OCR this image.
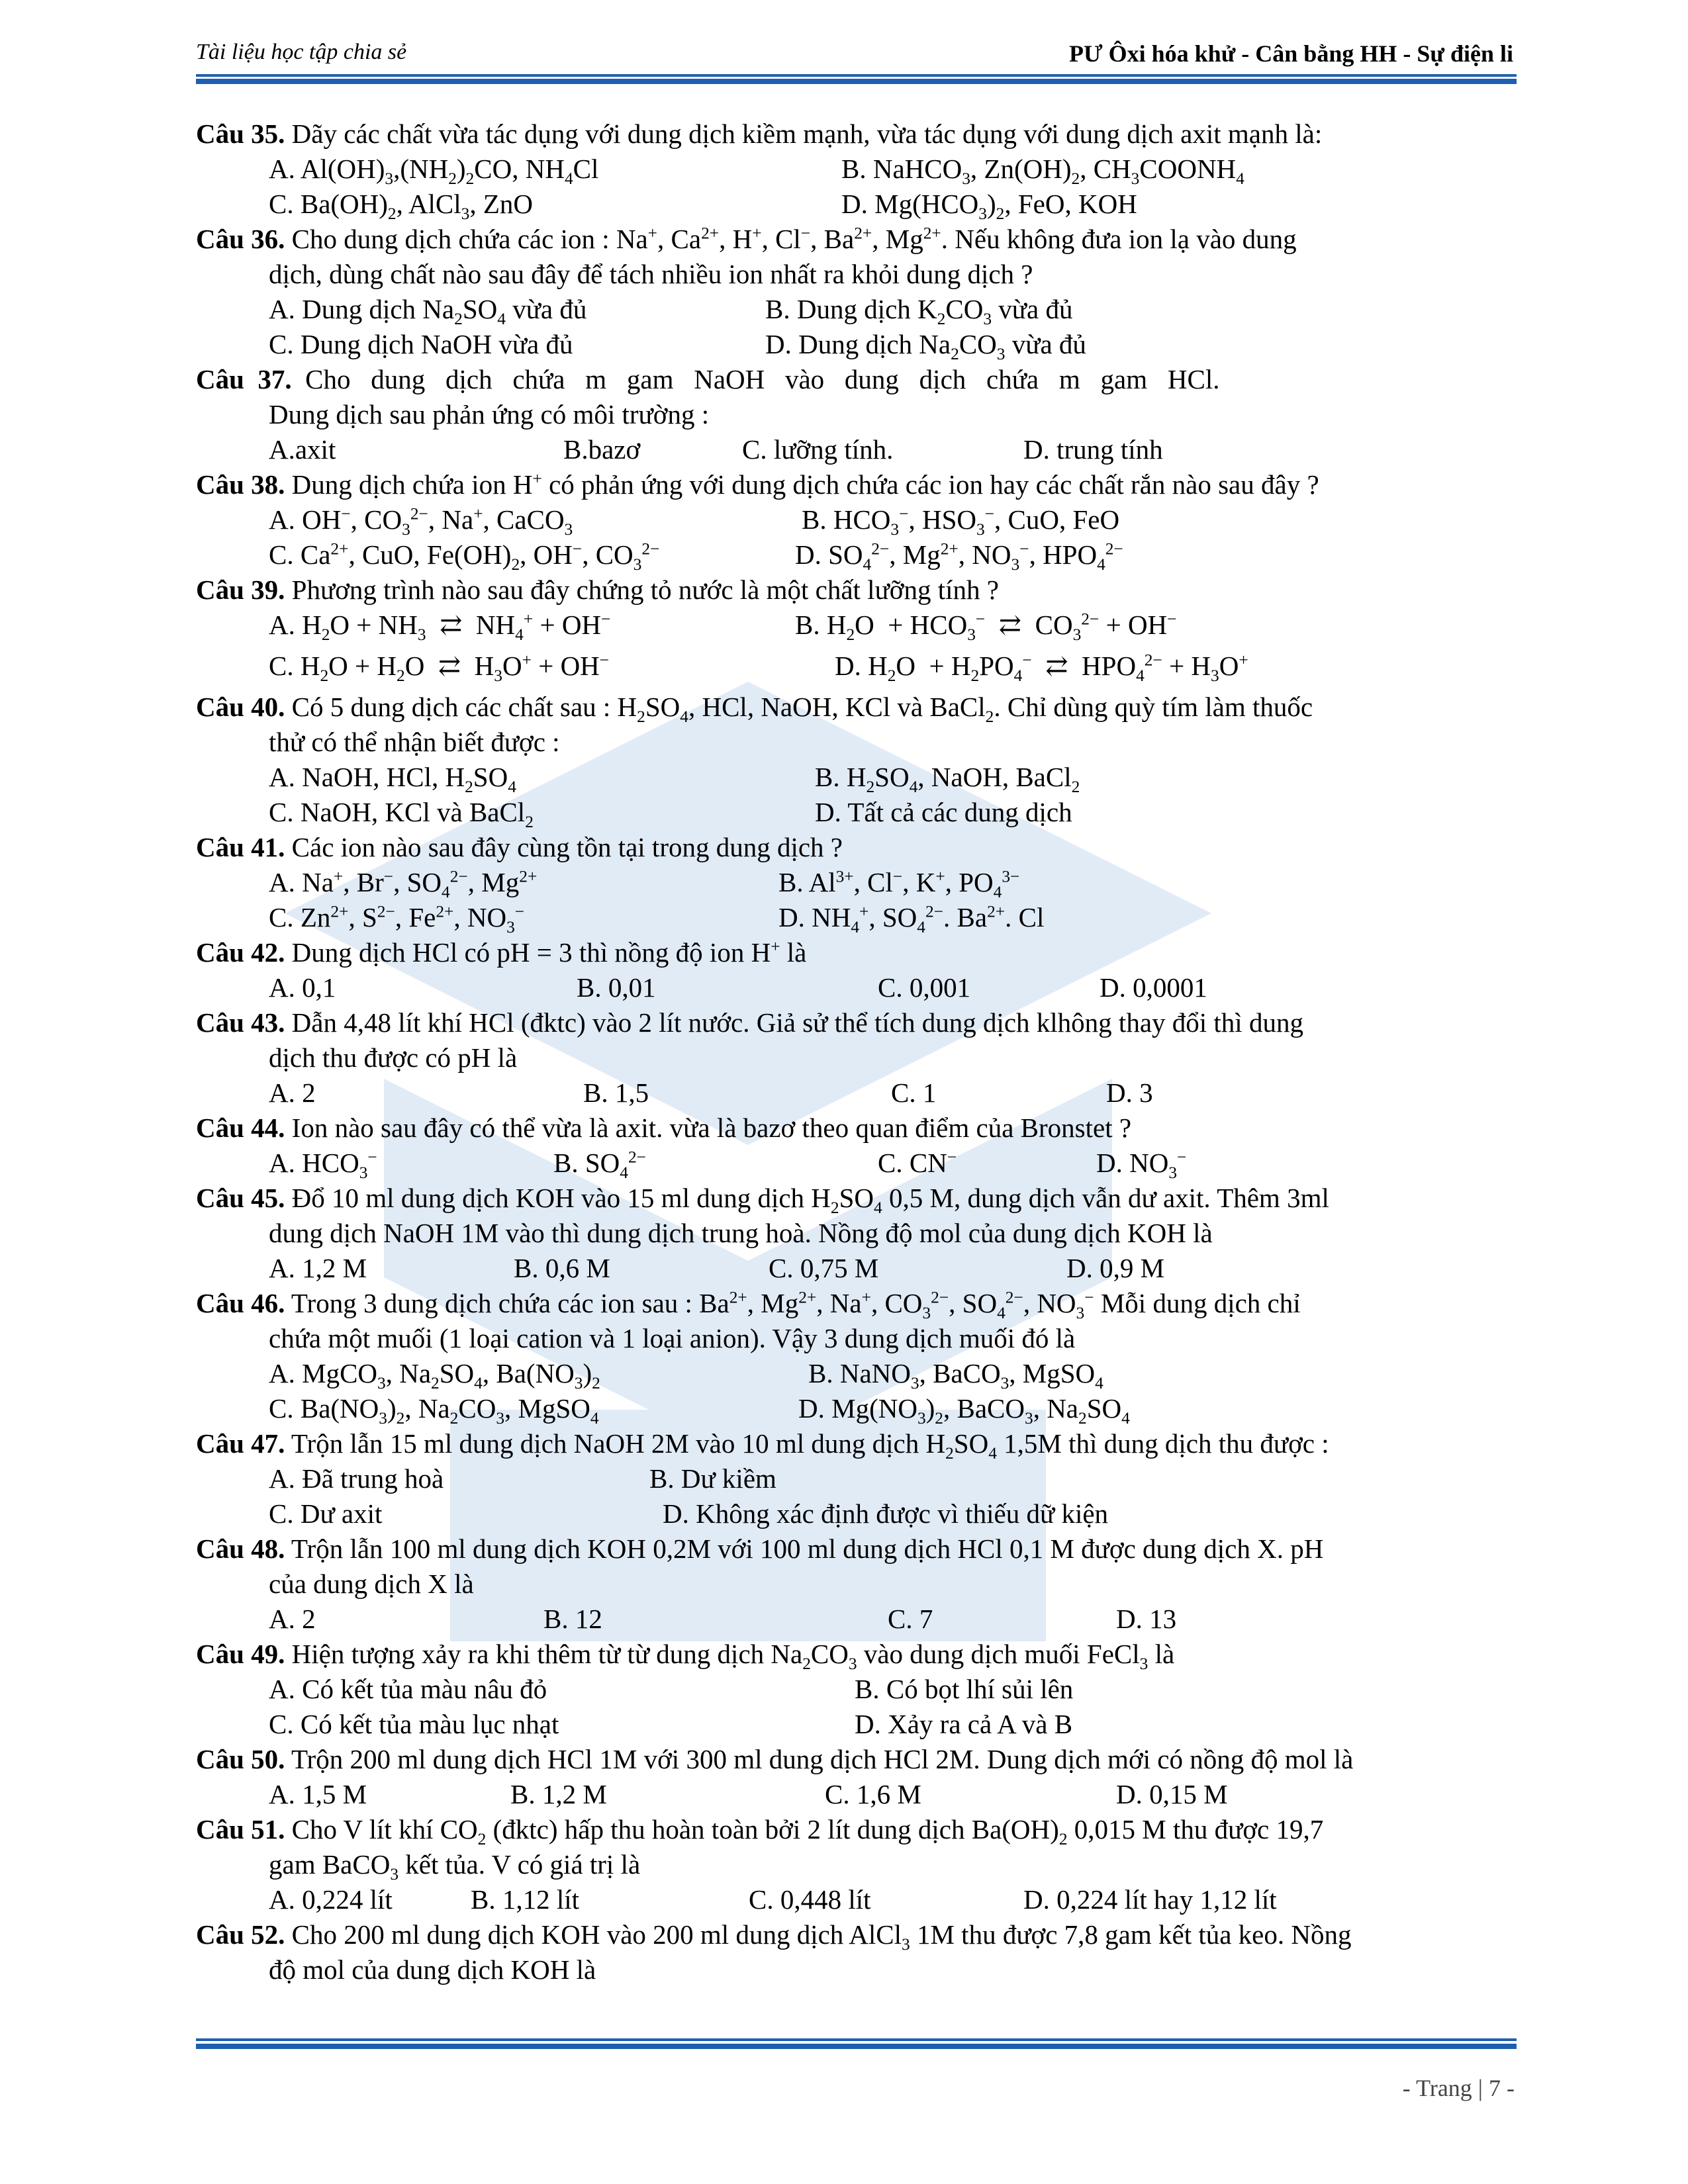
Tài liệu học tập chia sẻ	PƯ Ôxi hóa khử - Cân bằng HH - Sự điện li

Câu 35. Dãy các chất vừa tác dụng với dung dịch kiềm mạnh, vừa tác dụng với dung dịch axit mạnh là:

A. $Al(OH)_3,(NH_2)_2CO$, $NH_4Cl$	B. NaHCO$_3$, $Zn(OH)_2$, $CH_3COONH_4$
C. $Ba(OH)_2$, AlCl$_3$, ZnO	D. $Mg(HCO_3)_2$, FeO, KOH

Câu 36. Cho dung dịch chứa các ion : Na+, $Ca^{2+}$, H+, Cl−, $Ba^{2+}$, $Mg^{2+}$. Nếu không đưa ion lạ vào dung

dịch, dùng chất nào sau đây để tách nhiều ion nhất ra khỏi dung dịch ?

A. Dung dịch $Na_2SO_4$ vừa đủ	B. Dung dịch $K_2CO_3$ vừa đủ
C. Dung dịch NaOH vừa đủ	D. Dung dịch $Na_2CO_3$ vừa đủ

Câu  37.  Cho   dung   dịch   chứa   m   gam   NaOH   vào   dung   dịch   chứa   m   gam   HCl.

Dung dịch sau phản ứng có môi trường :

A.axit	B.bazơ	C. lưỡng tính.	D. trung tính

Câu 38. Dung dịch chứa ion H+ có phản ứng với dung dịch chứa các ion hay các chất rắn nào sau đây ?

A. OH−, $CO_3^{2-}$, Na+, CaCO$_3$	B. $HCO_3^-$, $HSO_3^-$, CuO, FeO
C. $Ca^{2+}$, CuO, $Fe(OH)_2$, OH−, $CO_3^{2-}$	D. $SO_4^{2-}$, $Mg^{2+}$, $NO_3^-$, $HPO_4^{2-}$

Câu 39. Phương trình nào sau đây chứng tỏ nước là một chất lưỡng tính ?

A. $H_2O + NH_3$  ⇄  $NH_4^+ + OH^-$	B. $H_2O + HCO_3^-$  ⇄  $CO_3^{2-} + OH^-$
C. $H_2O + H_2O$  ⇄  $H_3O^+ + OH^-$	D. $H_2O + H_2PO_4^-$  ⇄  $HPO_4^{2-} + H_3O^+$

Câu 40. Có 5 dung dịch các chất sau : $H_2SO_4$, HCl, NaOH, KCl và BaCl$_2$. Chỉ dùng quỳ tím làm thuốc

thử có thể nhận biết được :

A. NaOH, HCl, $H_2SO_4$	B. $H_2SO_4$, NaOH, BaCl$_2$
C. NaOH, KCl và BaCl$_2$	D. Tất cả các dung dịch

Câu 41. Các ion nào sau đây cùng tồn tại trong dung dịch ?

A. Na+, Br−, $SO_4^{2-}$, $Mg^{2+}$	B. $Al^{3+}$, Cl−, K+, $PO_4^{3-}$
C. $Zn^{2+}$, $S^{2-}$, $Fe^{2+}$, $NO_3^-$	D. $NH_4^+$, $SO_4^{2-}$. $Ba^{2+}$. Cl

Câu 42. Dung dịch HCl có pH = 3 thì nồng độ ion H+ là

A. 0,1	B. 0,01	C. 0,001	D. 0,0001

Câu 43. Dẫn 4,48 lít khí HCl (đktc) vào 2 lít nước. Giả sử thể tích dung dịch klhông thay đổi thì dung

dịch thu được có pH là

A. 2	B. 1,5	C. 1	D. 3

Câu 44. Ion nào sau đây có thể vừa là axit. vừa là bazơ theo quan điểm của Bronstet ?

A. $HCO_3^-$	B. $SO_4^{2-}$	C. CN−	D. $NO_3^-$

Câu 45. Đổ 10 ml dung dịch KOH vào 15 ml dung dịch $H_2SO_4$ 0,5 M, dung dịch vẫn dư axit. Thêm 3ml

dung dịch NaOH 1M vào thì dung dịch trung hoà. Nồng độ mol của dung dịch KOH là

A. 1,2 M	B. 0,6 M	C. 0,75 M	D. 0,9 M

Câu 46. Trong 3 dung dịch chứa các ion sau : $Ba^{2+}$, $Mg^{2+}$, Na+, $CO_3^{2-}$, $SO_4^{2-}$, $NO_3^-$ Mỗi dung dịch chỉ

chứa một muối (1 loại cation và 1 loại anion). Vậy 3 dung dịch muối đó là

A. MgCO$_3$, $Na_2SO_4$, $Ba(NO_3)_2$	B. NaNO$_3$, BaCO$_3$, MgSO$_4$
C. $Ba(NO_3)_2$, $Na_2CO_3$, MgSO$_4$	D. $Mg(NO_3)_2$, BaCO$_3$, $Na_2SO_4$

Câu 47. Trộn lẫn 15 ml dung dịch NaOH 2M vào 10 ml dung dịch $H_2SO_4$ 1,5M thì dung dịch thu được :

A. Đã trung hoà	B. Dư kiềm
C. Dư axit	D. Không xác định được vì thiếu dữ kiện

Câu 48. Trộn lẫn 100 ml dung dịch KOH 0,2M với 100 ml dung dịch HCl 0,1 M được dung dịch X. pH

của dung dịch X là

A. 2	B. 12	C. 7	D. 13

Câu 49. Hiện tượng xảy ra khi thêm từ từ dung dịch $Na_2CO_3$ vào dung dịch muối FeCl$_3$ là

A. Có kết tủa màu nâu đỏ	B. Có bọt lhí sủi lên
C. Có kết tủa màu lục nhạt	D. Xảy ra cả A và B

Câu 50. Trộn 200 ml dung dịch HCl 1M với 300 ml dung dịch HCl 2M. Dung dịch mới có nồng độ mol là

A. 1,5 M	B. 1,2 M	C. 1,6 M	D. 0,15 M

Câu 51. Cho V lít khí $CO_2$ (đktc) hấp thu hoàn toàn bởi 2 lít dung dịch $Ba(OH)_2$ 0,015 M thu được 19,7

gam BaCO$_3$ kết tủa. V có giá trị là

A. 0,224 lít	B. 1,12 lít	C. 0,448 lít	D. 0,224 lít hay 1,12 lít

Câu 52. Cho 200 ml dung dịch KOH vào 200 ml dung dịch AlCl$_3$ 1M thu được 7,8 gam kết tủa keo. Nồng

độ mol của dung dịch KOH là

- Trang | 7 -
